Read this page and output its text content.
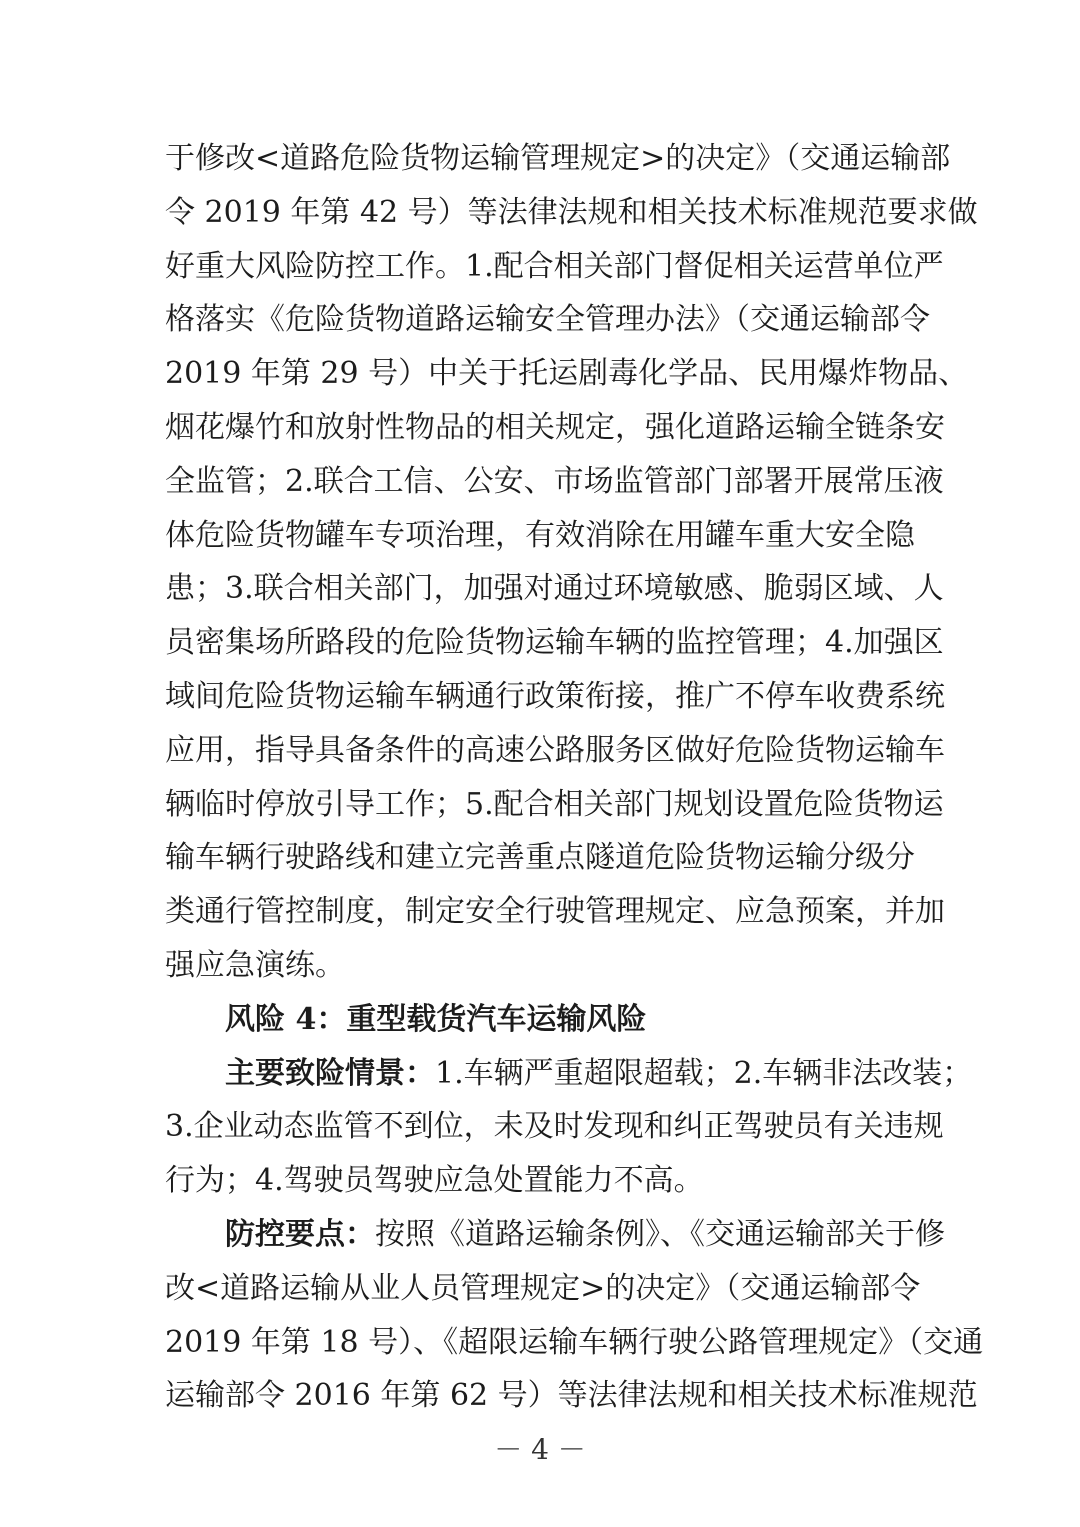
于修改<道路危险货物运输管理规定>的决定》（交通运输部
令 2019 年第 42 号）等法律法规和相关技术标准规范要求做
好重大风险防控工作。1.配合相关部门督促相关运营单位严
格落实《危险货物道路运输安全管理办法》（交通运输部令
2019 年第 29 号）中关于托运剧毒化学品、民用爆炸物品、
烟花爆竹和放射性物品的相关规定，强化道路运输全链条安
全监管；2.联合工信、公安、市场监管部门部署开展常压液
体危险货物罐车专项治理，有效消除在用罐车重大安全隐
患；3.联合相关部门，加强对通过环境敏感、脆弱区域、人
员密集场所路段的危险货物运输车辆的监控管理；4.加强区
域间危险货物运输车辆通行政策衔接，推广不停车收费系统
应用，指导具备条件的高速公路服务区做好危险货物运输车
辆临时停放引导工作；5.配合相关部门规划设置危险货物运
输车辆行驶路线和建立完善重点隧道危险货物运输分级分
类通行管控制度，制定安全行驶管理规定、应急预案，并加
强应急演练。
风险 4：重型载货汽车运输风险
主要致险情景：1.车辆严重超限超载；2.车辆非法改装；
3.企业动态监管不到位，未及时发现和纠正驾驶员有关违规
行为；4.驾驶员驾驶应急处置能力不高。
防控要点：按照《道路运输条例》、《交通运输部关于修
改<道路运输从业人员管理规定>的决定》（交通运输部令
2019 年第 18 号）、《超限运输车辆行驶公路管理规定》（交通
运输部令 2016 年第 62 号）等法律法规和相关技术标准规范
－ 4 －
